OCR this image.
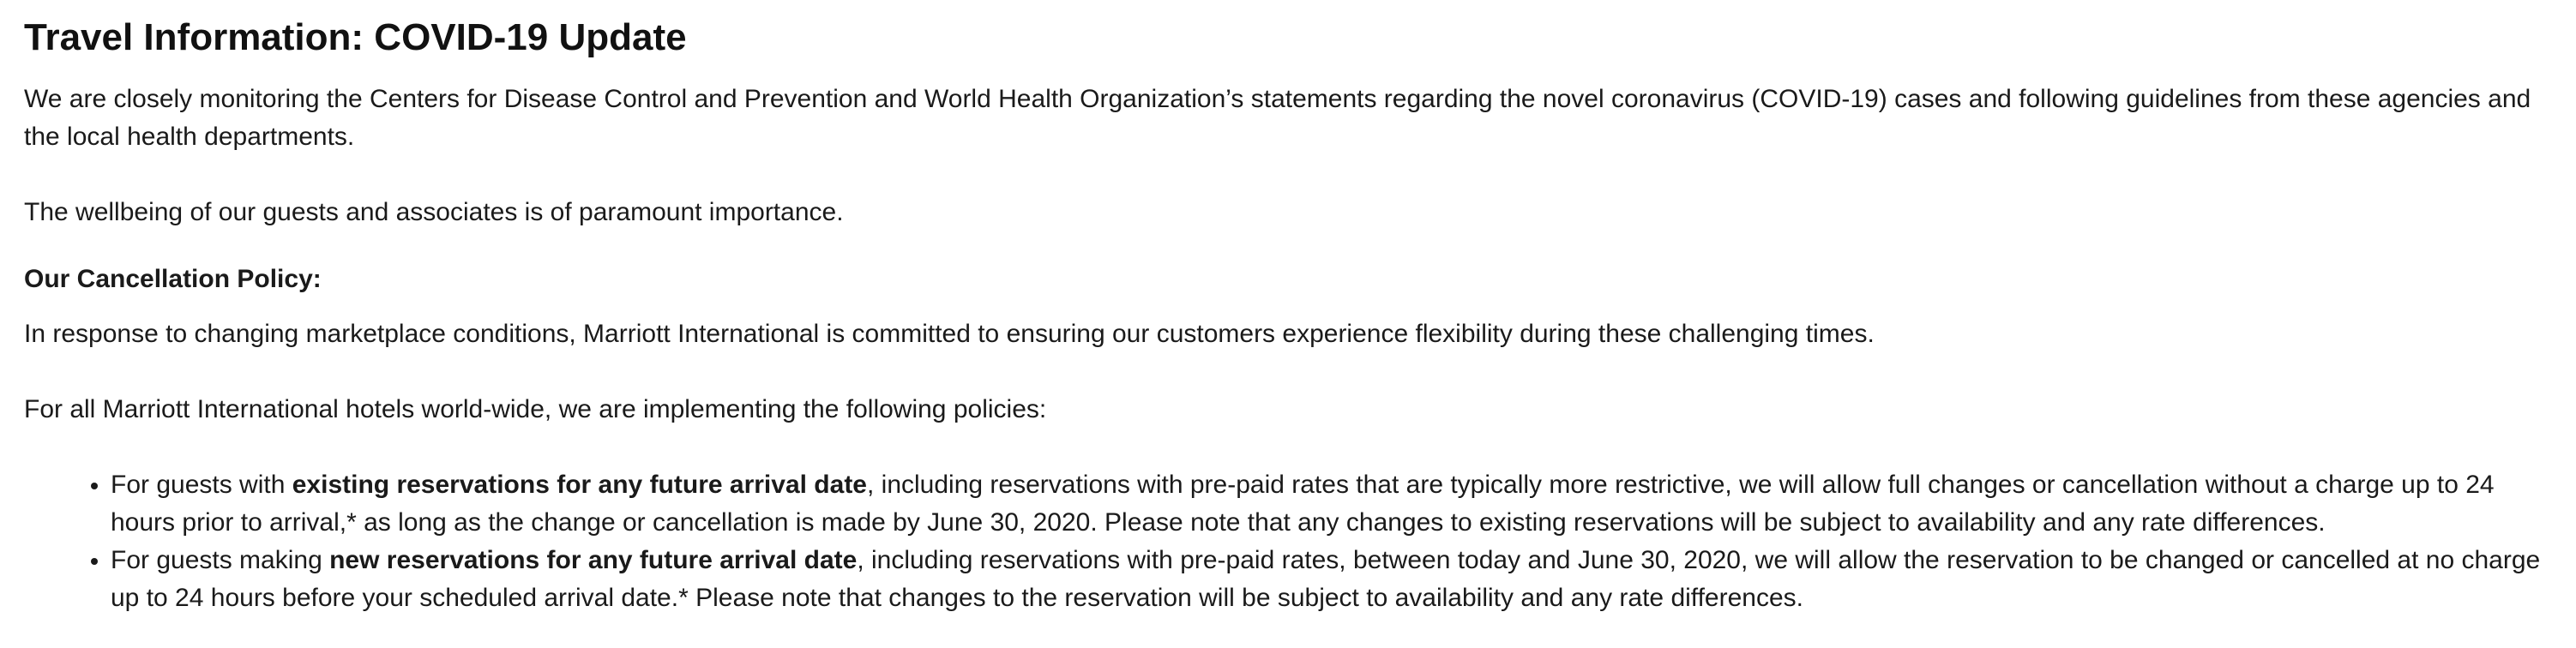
Travel Information: COVID-19 Update

We are closely monitoring the Centers for Disease Control and Prevention and World Health Organization’s statements regarding the novel coronavirus (COVID-19) cases and following guidelines from these agencies and the local health departments.

The wellbeing of our guests and associates is of paramount importance.

Our Cancellation Policy:

In response to changing marketplace conditions, Marriott International is committed to ensuring our customers experience flexibility during these challenging times.

For all Marriott International hotels world-wide, we are implementing the following policies:

• For guests with existing reservations for any future arrival date, including reservations with pre-paid rates that are typically more restrictive, we will allow full changes or cancellation without a charge up to 24 hours prior to arrival,* as long as the change or cancellation is made by June 30, 2020. Please note that any changes to existing reservations will be subject to availability and any rate differences.
• For guests making new reservations for any future arrival date, including reservations with pre-paid rates, between today and June 30, 2020, we will allow the reservation to be changed or cancelled at no charge up to 24 hours before your scheduled arrival date.* Please note that changes to the reservation will be subject to availability and any rate differences.
